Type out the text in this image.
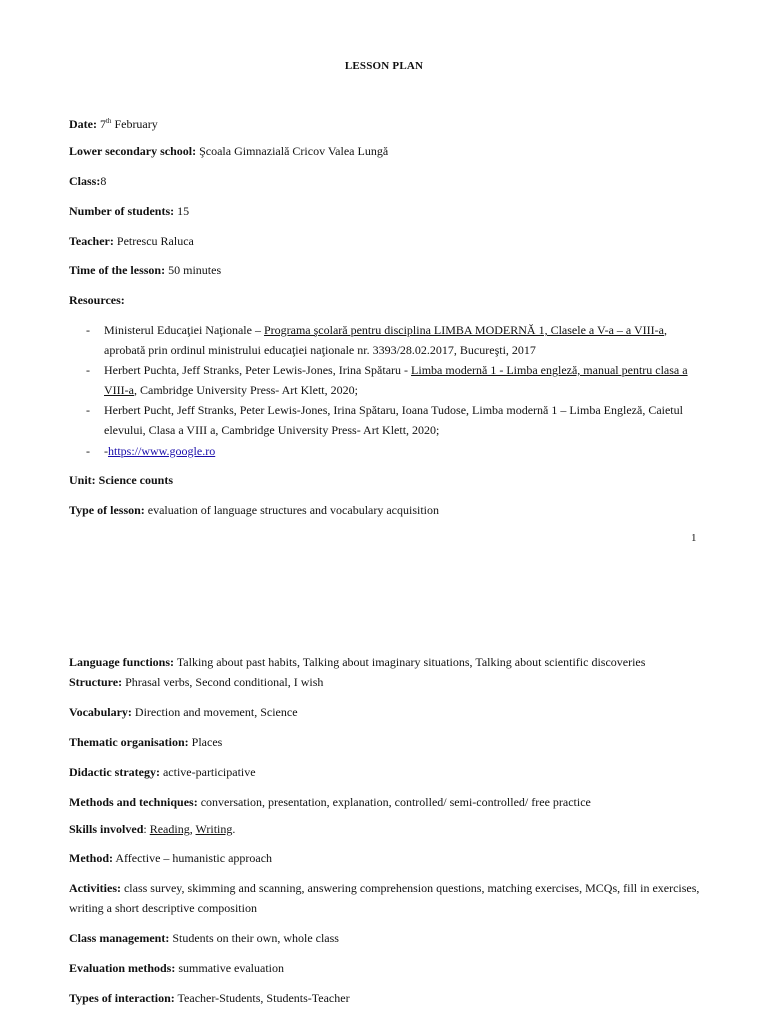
LESSON PLAN
Date: 7th February
Lower secondary school: Şcoala Gimnazială Cricov Valea Lungă
Class:8
Number of students: 15
Teacher: Petrescu Raluca
Time of the lesson: 50 minutes
Resources:
- Ministerul Educaţiei Naţionale – Programa şcolară pentru disciplina LIMBA MODERNĂ 1, Clasele a V-a – a VIII-a,
aprobată prin ordinul ministrului educaţiei naţionale nr. 3393/28.02.2017, Bucureşti, 2017
- Herbert Puchta, Jeff Stranks, Peter Lewis-Jones, Irina Spătaru - Limba modernă 1 - Limba engleză, manual pentru clasa a
VIII-a, Cambridge University Press- Art Klett, 2020;
- Herbert Pucht, Jeff Stranks, Peter Lewis-Jones, Irina Spătaru, Ioana Tudose, Limba modernă 1 – Limba Engleză, Caietul
elevului, Clasa a VIII a, Cambridge University Press- Art Klett, 2020;
- -https://www.google.ro
Unit: Science counts
Type of lesson: evaluation of language structures and vocabulary acquisition
1
Language functions: Talking about past habits, Talking about imaginary situations, Talking about scientific discoveries
Structure: Phrasal verbs, Second conditional, I wish
Vocabulary: Direction and movement, Science
Thematic organisation: Places
Didactic strategy: active-participative
Methods and techniques: conversation, presentation, explanation, controlled/ semi-controlled/ free practice
Skills involved: Reading, Writing.
Method: Affective – humanistic approach
Activities: class survey, skimming and scanning, answering comprehension questions, matching exercises, MCQs, fill in exercises,
writing a short descriptive composition
Class management: Students on their own, whole class
Evaluation methods: summative evaluation
Types of interaction: Teacher-Students, Students-Teacher
